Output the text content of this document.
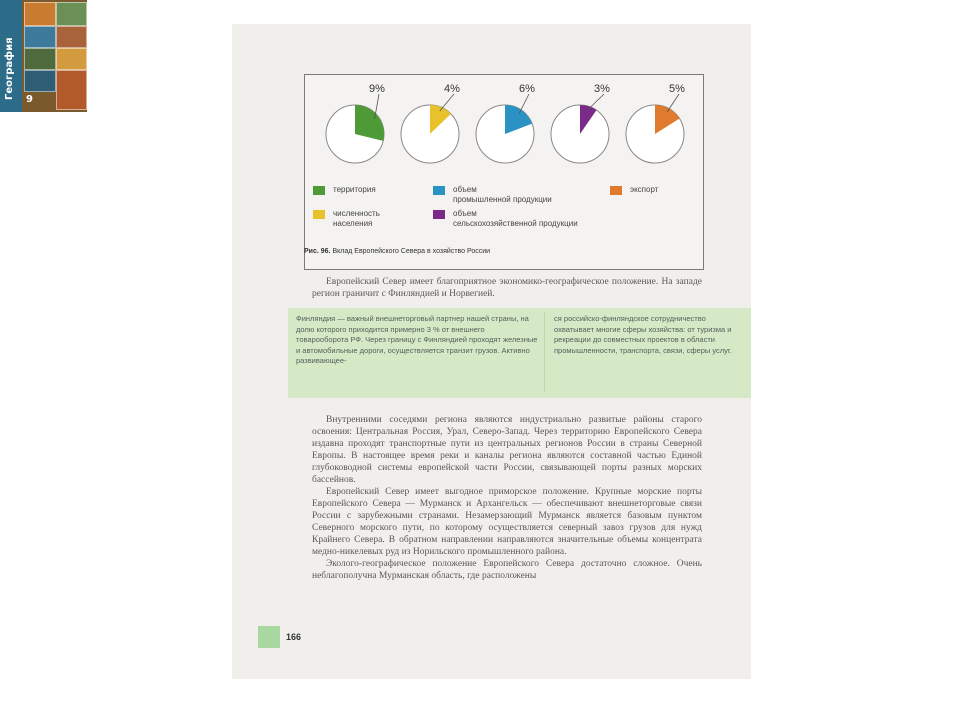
География 9
9%	4%	6%	3%	5%
территория
численность
населения
объем
промышленной продукции
объем
сельскохозяйственной продукции
экспорт
Рис. 96. Вклад Европейского Севера в хозяйство России

Европейский Север имеет благоприятное экономико-географическое положение. На западе регион граничит с Финляндией и Норвегией.

Финляндия — важный внешнеторговый партнер нашей страны, на долю которого приходится примерно 3 % от внешнего товарооборота РФ. Через границу с Финляндией проходят железные и автомобильные дороги, осуществляется транзит грузов. Активно развивающее-
ся российско-финляндское сотрудничество охватывает многие сферы хозяйства: от туризма и рекреации до совместных проектов в области промышленности, транспорта, связи, сферы услуг.

Внутренними соседями региона являются индустриально развитые районы старого освоения: Центральная Россия, Урал, Северо-Запад. Через территорию Европейского Севера издавна проходят транспортные пути из центральных регионов России в страны Северной Европы. В настоящее время реки и каналы региона являются составной частью Единой глубоководной системы европейской части России, связывающей порты разных морских бассейнов.

Европейский Север имеет выгодное приморское положение. Крупные морские порты Европейского Севера — Мурманск и Архангельск — обеспечивают внешнеторговые связи России с зарубежными странами. Незамерзающий Мурманск является базовым пунктом Северного морского пути, по которому осуществляется северный завоз грузов для нужд Крайнего Севера. В обратном направлении направляются значительные объемы концентрата медно-никелевых руд из Норильского промышленного района.

Эколого-географическое положение Европейского Севера достаточно сложное. Очень неблагополучна Мурманская область, где расположены

166
